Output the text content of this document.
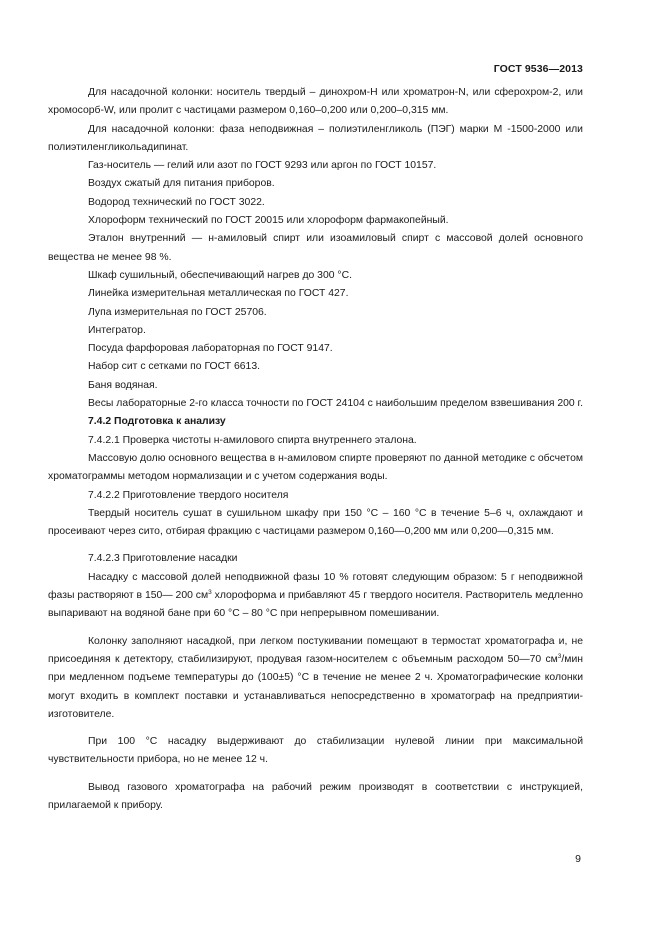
ГОСТ 9536—2013

Для насадочной колонки: носитель твердый – динохром-Н или хроматрон-N, или сферохром-2, или хромосорб-W, или пролит с частицами размером 0,160–0,200 или 0,200–0,315 мм.

Для насадочной колонки: фаза неподвижная – полиэтиленгликоль (ПЭГ) марки М -1500-2000 или полиэтиленгликольадипинат.

Газ-носитель — гелий или азот по ГОСТ 9293 или аргон по ГОСТ 10157.

Воздух сжатый для питания приборов.

Водород технический по ГОСТ 3022.

Хлороформ технический по ГОСТ 20015 или хлороформ фармакопейный.

Эталон внутренний — н-амиловый спирт или изоамиловый спирт с массовой долей основного вещества не менее 98 %.

Шкаф сушильный, обеспечивающий нагрев до 300 °С.

Линейка измерительная металлическая по ГОСТ 427.

Лупа измерительная по ГОСТ 25706.

Интегратор.

Посуда фарфоровая лабораторная по ГОСТ 9147.

Набор сит с сетками по ГОСТ 6613.

Баня водяная.

Весы лабораторные 2-го класса точности по ГОСТ 24104 с наибольшим пределом взвешивания 200 г.

7.4.2 Подготовка к анализу

7.4.2.1 Проверка чистоты н-амилового спирта внутреннего эталона.

Массовую долю основного вещества в н-амиловом спирте проверяют по данной методике с обсчетом хроматограммы методом нормализации и с учетом содержания воды.

7.4.2.2 Приготовление твердого носителя

Твердый носитель сушат в сушильном шкафу при 150 °С – 160 °С в течение 5–6 ч, охлаждают и просеивают через сито, отбирая фракцию с частицами размером 0,160—0,200 мм или 0,200—0,315 мм.

7.4.2.3 Приготовление насадки

Насадку с массовой долей неподвижной фазы 10 % готовят следующим образом: 5 г неподвижной фазы растворяют в 150— 200 $см^3$ хлороформа и прибавляют 45 г твердого носителя. Растворитель медленно выпаривают на водяной бане при 60 °С – 80 °С при непрерывном помешивании.

Колонку заполняют насадкой, при легком постукивании помещают в термостат хроматографа и, не присоединяя к детектору, стабилизируют, продувая газом-носителем с объемным расходом 50—70 $см^3$/мин при медленном подъеме температуры до (100±5) °С в течение не менее 2 ч. Хроматографические колонки могут входить в комплект поставки и устанавливаться непосредственно в хроматограф на предприятии-изготовителе.

При 100 °С насадку выдерживают до стабилизации нулевой линии при максимальной чувствительности прибора, но не менее 12 ч.

Вывод газового хроматографа на рабочий режим производят в соответствии с инструкцией, прилагаемой к прибору.

9
